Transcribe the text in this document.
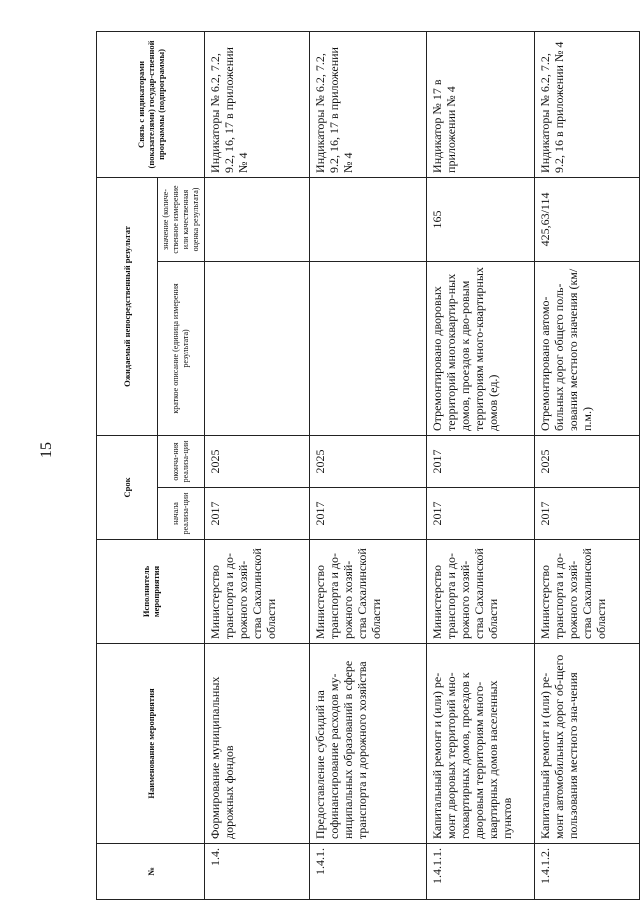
15
№	Наименование мероприятия	Исполнитель мероприятия	Срок		Ожидаемый непосредственный результат		Связь с индикаторами (показателями) государ-ственной программы (подпрограммы)
			начала реализа-ции	оконча-ния реализа-ции	краткое описание (единица измерения результата)	значение (количе-ственное измерение или качественная оценка результата)	
1.4.	Формирование муниципальных дорожных фондов	Министерство транспорта и до-рожного хозяй-ства Сахалинской области	2017	2025			Индикаторы № 6.2, 7.2, 9.2, 16, 17 в приложении № 4
1.4.1.	Предоставление субсидий на софинансирование расходов му-ниципальных образований в сфере транспорта и дорожного хозяйства	Министерство транспорта и до-рожного хозяй-ства Сахалинской области	2017	2025			Индикаторы № 6.2, 7.2, 9.2, 16, 17 в приложении № 4
1.4.1.1.	Капитальный ремонт и (или) ре-монт дворовых территорий мно-гоквартирных домов, проездов к дворовым территориям много-квартирных домов населенных пунктов	Министерство транспорта и до-рожного хозяй-ства Сахалинской области	2017	2017	Отремонтировано дворовых территорий многоквартир-ных домов, проездов к дво-ровым территориям много-квартирных домов (ед.)	165	Индикатор № 17 в приложении № 4
1.4.1.2.	Капитальный ремонт и (или) ре-монт автомобильных дорог об-щего пользования местного зна-чения	Министерство транспорта и до-рожного хозяй-ства Сахалинской области	2017	2025	Отремонтировано автомо-бильных дорог общего поль-зования местного значения (км/п.м.)	425,63/114	Индикаторы № 6.2, 7.2, 9.2, 16 в приложении № 4
